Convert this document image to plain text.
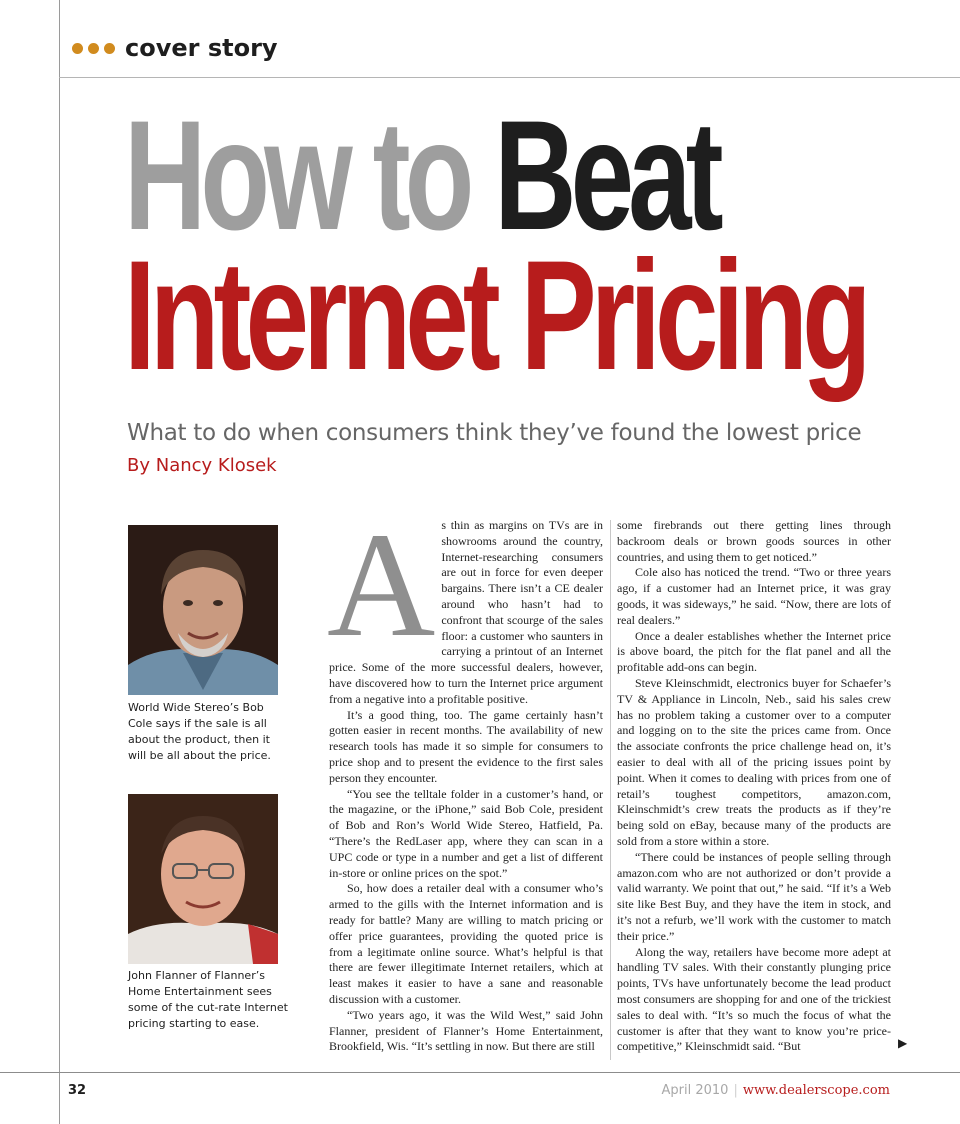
cover story
How to Beat
Internet Pricing
What to do when consumers think they’ve found the lowest price
By Nancy Klosek
World Wide Stereo’s Bob Cole says if the sale is all about the product, then it will be all about the price.
John Flanner of Flanner’s Home Entertainment sees some of the cut-rate Internet pricing starting to ease.
A s thin as margins on TVs are in showrooms around the country, Internet-researching consumers are out in force for even deeper bargains. There isn’t a CE dealer around who hasn’t had to confront that scourge of the sales floor: a customer who saunters in carrying a printout of an Internet price. Some of the more successful dealers, however, have discovered how to turn the Internet price argument from a negative into a profitable positive.

It’s a good thing, too. The game certainly hasn’t gotten easier in recent months. The availability of new research tools has made it so simple for consumers to price shop and to present the evidence to the first sales person they encounter.

“You see the telltale folder in a customer’s hand, or the magazine, or the iPhone,” said Bob Cole, president of Bob and Ron’s World Wide Stereo, Hatfield, Pa. “There’s the RedLaser app, where they can scan in a UPC code or type in a number and get a list of different in-store or online prices on the spot.”

So, how does a retailer deal with a consumer who’s armed to the gills with the Internet information and is ready for battle? Many are willing to match pricing or offer price guarantees, providing the quoted price is from a legitimate online source. What’s helpful is that there are fewer illegitimate Internet retailers, which at least makes it easier to have a sane and reasonable discussion with a customer.

“Two years ago, it was the Wild West,” said John Flanner, president of Flanner’s Home Entertainment, Brookfield, Wis. “It’s settling in now. But there are still

some firebrands out there getting lines through backroom deals or brown goods sources in other countries, and using them to get noticed.”

Cole also has noticed the trend. “Two or three years ago, if a customer had an Internet price, it was gray goods, it was sideways,” he said. “Now, there are lots of real dealers.”

Once a dealer establishes whether the Internet price is above board, the pitch for the flat panel and all the profitable add-ons can begin.

Steve Kleinschmidt, electronics buyer for Schaefer’s TV & Appliance in Lincoln, Neb., said his sales crew has no problem taking a customer over to a computer and logging on to the site the prices came from. Once the associate confronts the price challenge head on, it’s easier to deal with all of the pricing issues point by point. When it comes to dealing with prices from one of retail’s toughest competitors, amazon.com, Kleinschmidt’s crew treats the products as if they’re being sold on eBay, because many of the products are sold from a store within a store.

“There could be instances of people selling through amazon.com who are not authorized or don’t provide a valid warranty. We point that out,” he said. “If it’s a Web site like Best Buy, and they have the item in stock, and it’s not a refurb, we’ll work with the customer to match their price.”

Along the way, retailers have become more adept at handling TV sales. With their constantly plunging price points, TVs have unfortunately become the lead product most consumers are shopping for and one of the trickiest sales to deal with. “It’s so much the focus of what the customer is after that they want to know you’re price-competitive,” Kleinschmidt said. “But	▶
32	April 2010 | www.dealerscope.com
